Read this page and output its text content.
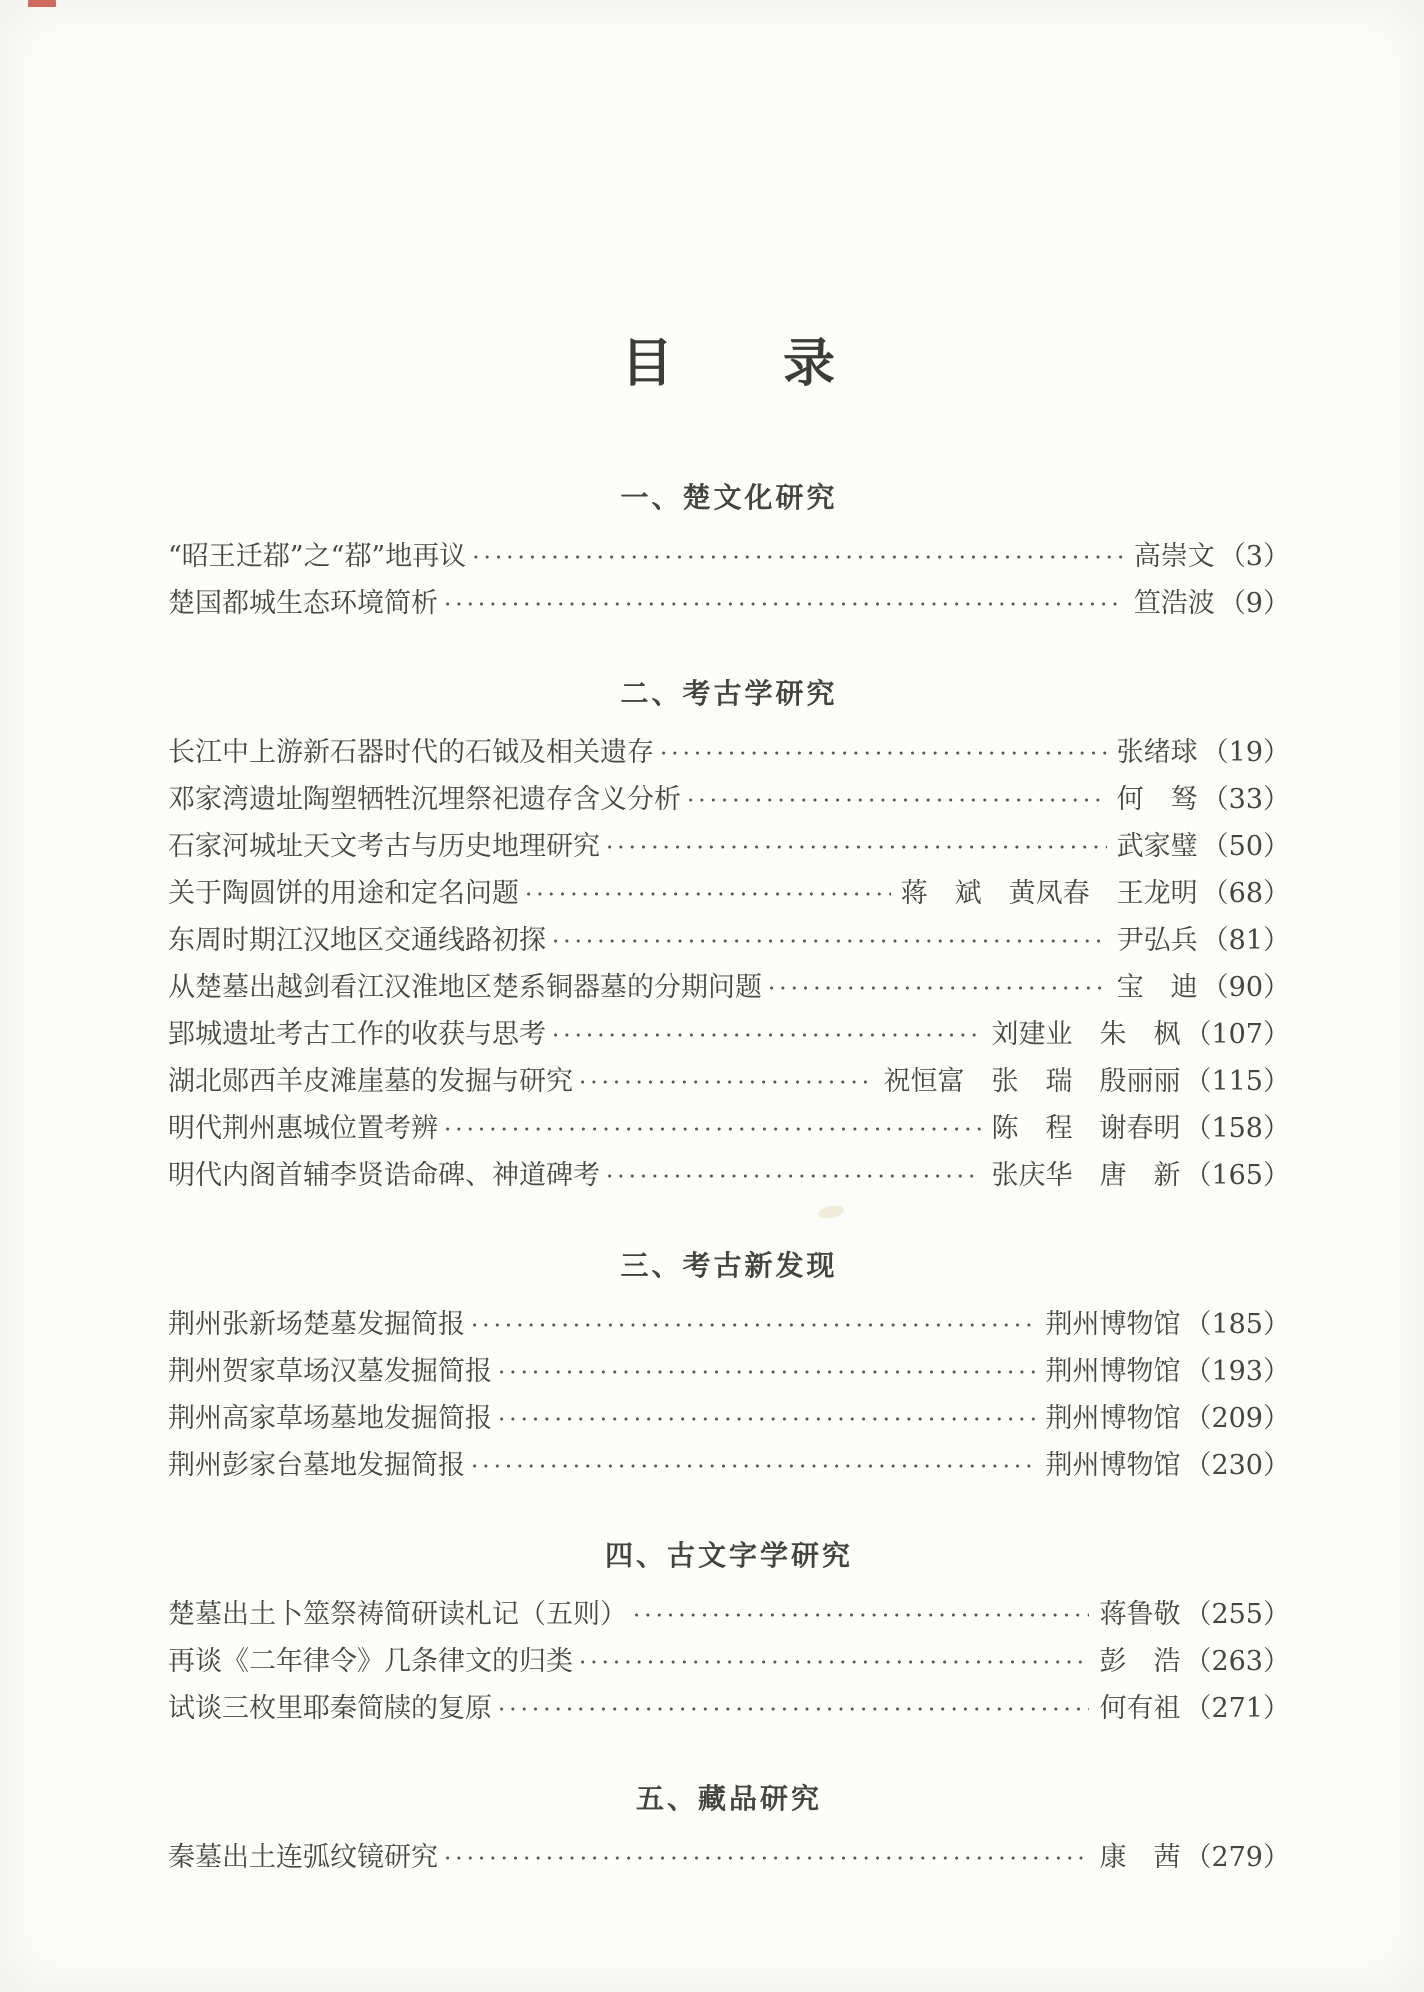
目　　录
一、楚文化研究
“昭王迁鄀”之“鄀”地再议 ·····	高崇文 （3）
楚国都城生态环境简析 ·····	笪浩波 （9）
二、考古学研究
长江中上游新石器时代的石钺及相关遗存 ·····	张绪球 （19）
邓家湾遗址陶塑牺牲沉埋祭祀遗存含义分析 ·····	何　驽 （33）
石家河城址天文考古与历史地理研究 ·····	武家璧 （50）
关于陶圆饼的用途和定名问题 ·····	蒋　斌　黄凤春　王龙明 （68）
东周时期江汉地区交通线路初探 ·····	尹弘兵 （81）
从楚墓出越剑看江汉淮地区楚系铜器墓的分期问题 ·····	宝　迪 （90）
郢城遗址考古工作的收获与思考 ·····	刘建业　朱　枫 （107）
湖北郧西羊皮滩崖墓的发掘与研究 ·····	祝恒富　张　瑞　殷丽丽 （115）
明代荆州惠城位置考辨 ·····	陈　程　谢春明 （158）
明代内阁首辅李贤诰命碑、神道碑考 ·····	张庆华　唐　新 （165）
三、考古新发现
荆州张新场楚墓发掘简报 ·····	荆州博物馆 （185）
荆州贺家草场汉墓发掘简报 ·····	荆州博物馆 （193）
荆州高家草场墓地发掘简报 ·····	荆州博物馆 （209）
荆州彭家台墓地发掘简报 ·····	荆州博物馆 （230）
四、古文字学研究
楚墓出土卜筮祭祷简研读札记（五则） ·····	蒋鲁敬 （255）
再谈《二年律令》几条律文的归类 ·····	彭　浩 （263）
试谈三枚里耶秦简牍的复原 ·····	何有祖 （271）
五、藏品研究
秦墓出土连弧纹镜研究 ·····	康　茜 （279）
